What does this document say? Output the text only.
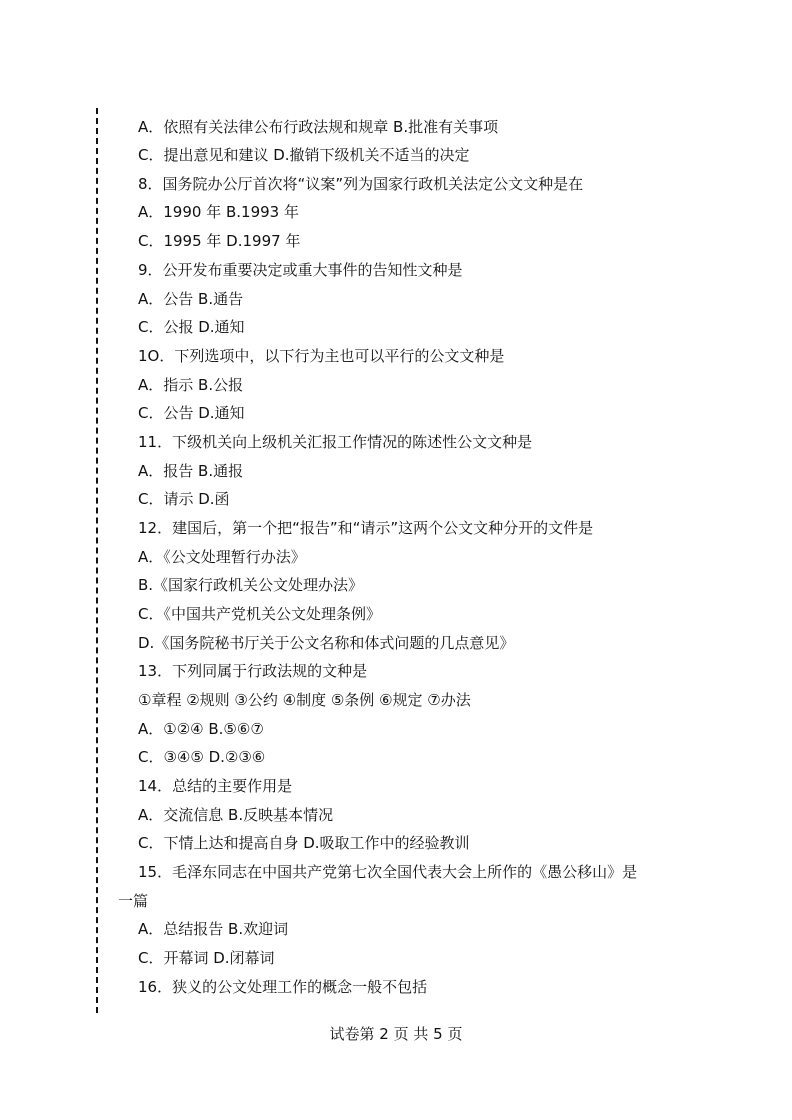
A．依照有关法律公布行政法规和规章 B.批准有关事项
C．提出意见和建议 D.撤销下级机关不适当的决定
8．国务院办公厅首次将“议案”列为国家行政机关法定公文文种是在
A．1990 年 B.1993 年
C．1995 年 D.1997 年
9．公开发布重要决定或重大事件的告知性文种是
A．公告 B.通告
C．公报 D.通知
1O．下列选项中，以下行为主也可以平行的公文文种是
A．指示 B.公报
C．公告 D.通知
11．下级机关向上级机关汇报工作情况的陈述性公文文种是
A．报告 B.通报
C．请示 D.函
12．建国后，第一个把“报告”和“请示”这两个公文文种分开的文件是
A．《公文处理暂行办法》
B.《国家行政机关公文处理办法》
C．《中国共产党机关公文处理条例》
D.《国务院秘书厅关于公文名称和体式问题的几点意见》
13．下列同属于行政法规的文种是
①章程 ②规则 ③公约 ④制度 ⑤条例 ⑥规定 ⑦办法
A．①②④ B.⑤⑥⑦
C．③④⑤ D.②③⑥
14．总结的主要作用是
A．交流信息 B.反映基本情况
C．下情上达和提高自身 D.吸取工作中的经验教训
15．毛泽东同志在中国共产党第七次全国代表大会上所作的《愚公移山》是
一篇
A．总结报告 B.欢迎词
C．开幕词 D.闭幕词
16．狭义的公文处理工作的概念一般不包括
试卷第 2 页 共 5 页
